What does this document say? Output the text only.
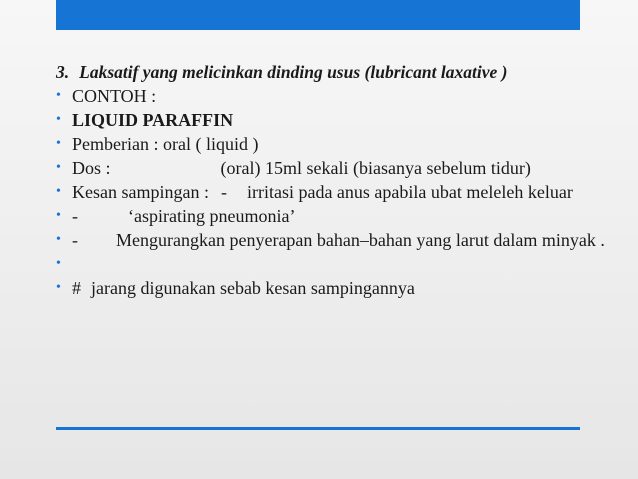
3. Laksatif yang melicinkan dinding usus (lubricant laxative )
• CONTOH :
• LIQUID PARAFFIN
• Pemberian : oral ( liquid )
• Dos :	(oral) 15ml sekali (biasanya sebelum tidur)
• Kesan sampingan : - irritasi pada anus apabila ubat meleleh keluar
• -	‘aspirating pneumonia’
• - Mengurangkan penyerapan bahan–bahan yang larut dalam minyak .
•

• # jarang digunakan sebab kesan sampingannya
